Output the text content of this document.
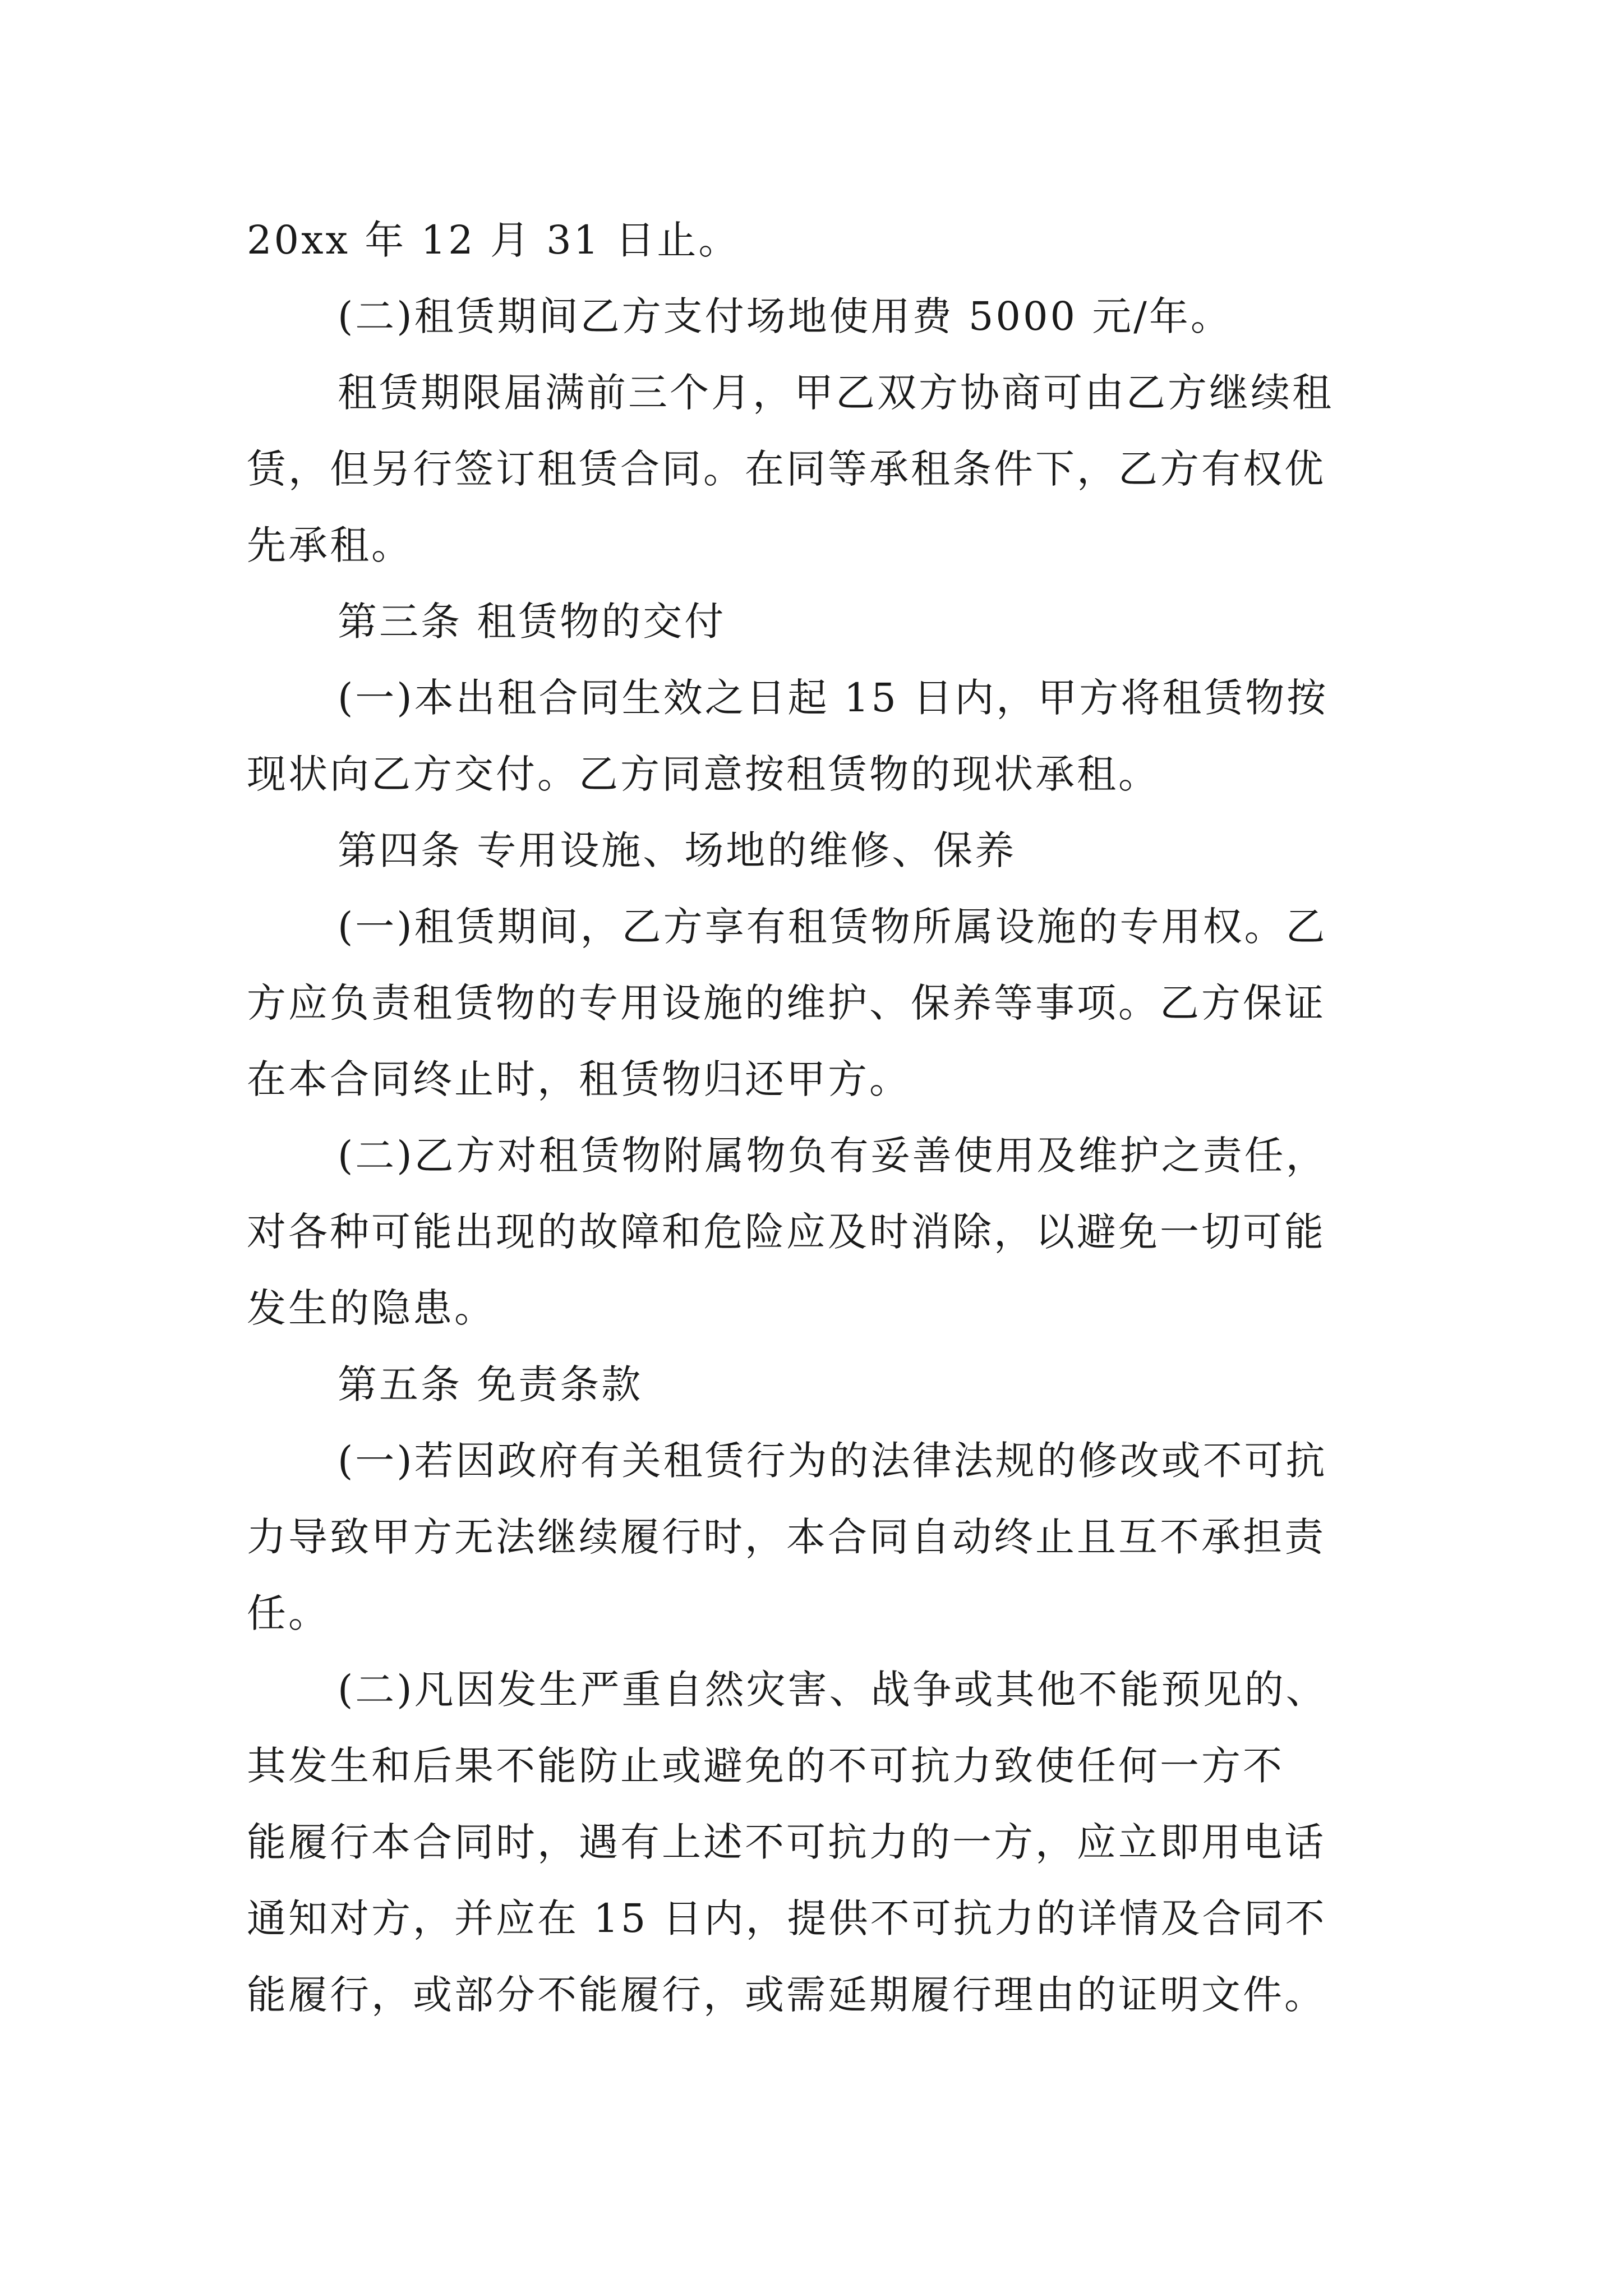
20xx 年 12 月 31 日止。
(二)租赁期间乙方支付场地使用费 5000 元/年。
租赁期限届满前三个月，甲乙双方协商可由乙方继续租
赁，但另行签订租赁合同。在同等承租条件下，乙方有权优
先承租。
第三条 租赁物的交付
(一)本出租合同生效之日起 15 日内，甲方将租赁物按
现状向乙方交付。乙方同意按租赁物的现状承租。
第四条 专用设施、场地的维修、保养
(一)租赁期间，乙方享有租赁物所属设施的专用权。乙
方应负责租赁物的专用设施的维护、保养等事项。乙方保证
在本合同终止时，租赁物归还甲方。
(二)乙方对租赁物附属物负有妥善使用及维护之责任，
对各种可能出现的故障和危险应及时消除，以避免一切可能
发生的隐患。
第五条 免责条款
(一)若因政府有关租赁行为的法律法规的修改或不可抗
力导致甲方无法继续履行时，本合同自动终止且互不承担责
任。
(二)凡因发生严重自然灾害、战争或其他不能预见的、
其发生和后果不能防止或避免的不可抗力致使任何一方不
能履行本合同时，遇有上述不可抗力的一方，应立即用电话
通知对方，并应在 15 日内，提供不可抗力的详情及合同不
能履行，或部分不能履行，或需延期履行理由的证明文件。
